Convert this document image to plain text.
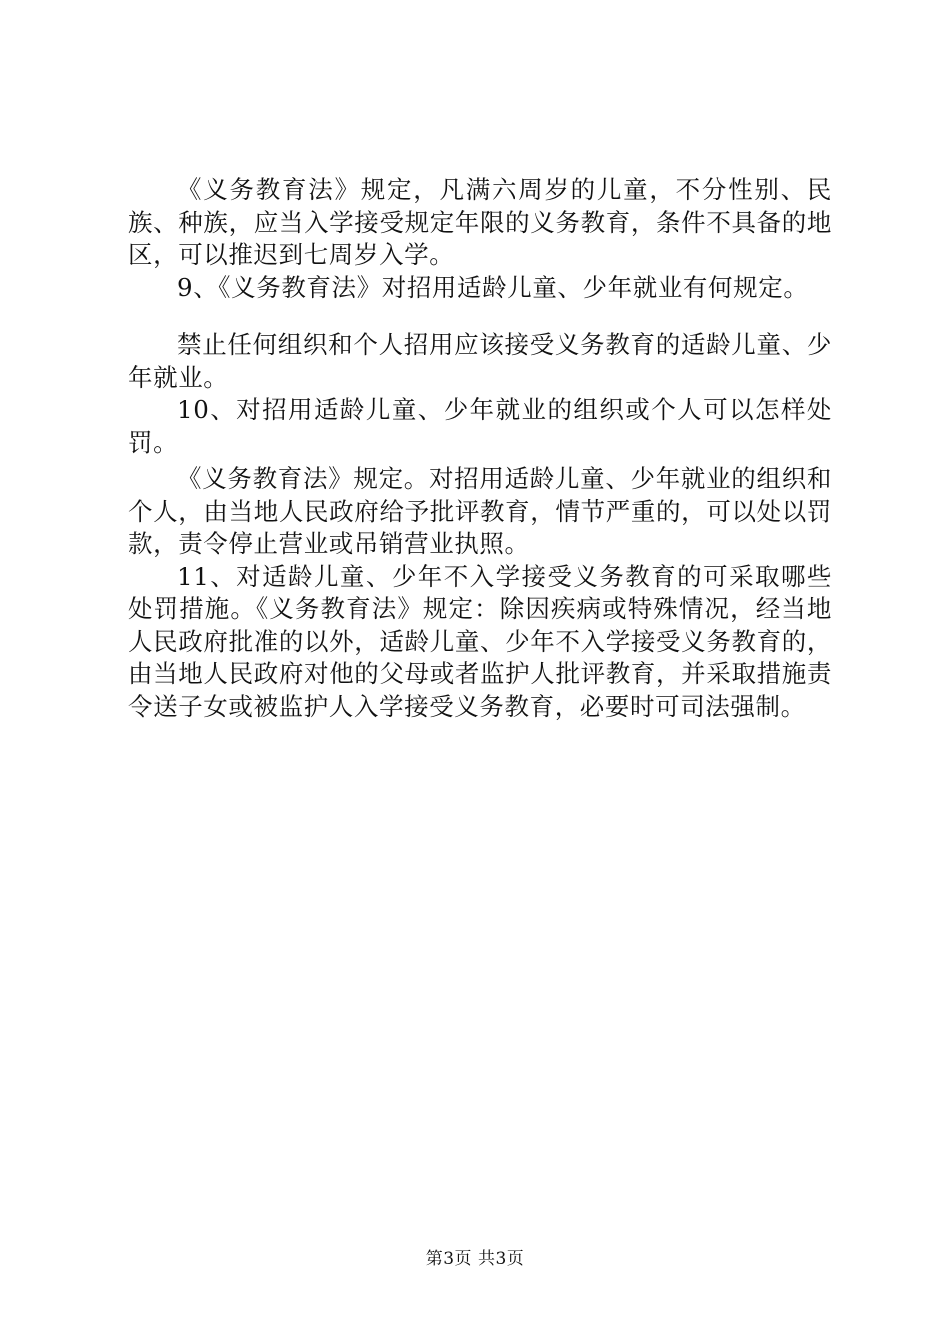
《义务教育法》规定，凡满六周岁的儿童，不分性别、民族、种族，应当入学接受规定年限的义务教育，条件不具备的地区，可以推迟到七周岁入学。

9、《义务教育法》对招用适龄儿童、少年就业有何规定。

禁止任何组织和个人招用应该接受义务教育的适龄儿童、少年就业。

10、对招用适龄儿童、少年就业的组织或个人可以怎样处罚。

《义务教育法》规定。对招用适龄儿童、少年就业的组织和个人，由当地人民政府给予批评教育，情节严重的，可以处以罚款，责令停止营业或吊销营业执照。

11、对适龄儿童、少年不入学接受义务教育的可采取哪些处罚措施。《义务教育法》规定：除因疾病或特殊情况，经当地人民政府批准的以外，适龄儿童、少年不入学接受义务教育的，由当地人民政府对他的父母或者监护人批评教育，并采取措施责令送子女或被监护人入学接受义务教育，必要时可司法强制。

第3页 共3页
